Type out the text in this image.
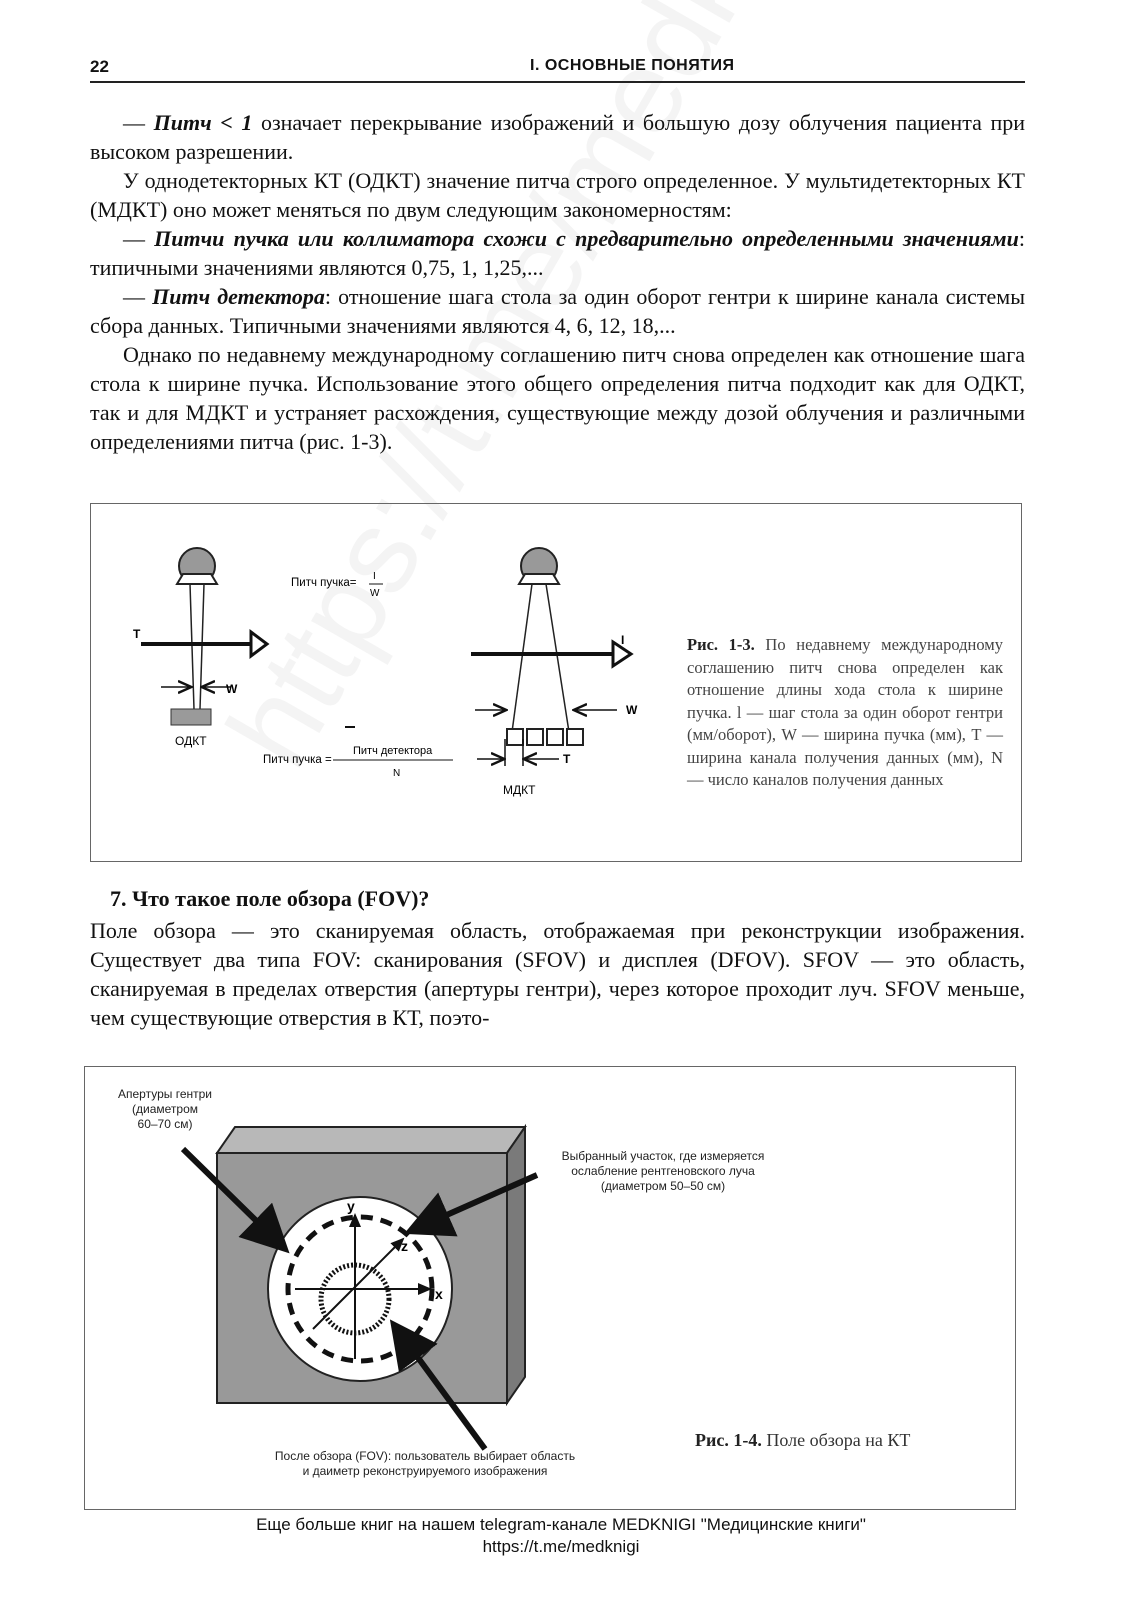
22	I. ОСНОВНЫЕ ПОНЯТИЯ

— Питч < 1 означает перекрывание изображений и большую дозу облучения пациента при высоком разрешении.

У однодетекторных КТ (ОДКТ) значение питча строго определенное. У мультидетекторных КТ (МДКТ) оно может меняться по двум следующим закономерностям:

— Питчи пучка или коллиматора схожи с предварительно определенными значениями: типичными значениями являются 0,75, 1, 1,25,...

— Питч детектора: отношение шага стола за один оборот гентри к ширине канала системы сбора данных. Типичными значениями являются 4, 6, 12, 18,...

Однако по недавнему международному соглашению питч снова определен как отношение шага стола к ширине пучка. Использование этого общего определения питча подходит как для ОДКТ, так и для МДКТ и устраняет расхождения, существующие между дозой облучения и различными определениями питча (рис. 1-3).

T
W
ОДКТ
Питч пучка=
I
W
Питч пучка =
Питч детектора
N
I
W
T
МДКТ
Рис. 1-3. По недавнему международному соглашению питч снова определен как отношение длины хода стола к ширине пучка. l — шаг стола за один оборот гентри (мм/оборот), W — ширина пучка (мм), T — ширина канала получения данных (мм), N — число каналов получения данных
7. Что такое поле обзора (FOV)?

Поле обзора — это сканируемая область, отображаемая при реконструкции изображения. Существует два типа FOV: сканирования (SFOV) и дисплея (DFOV). SFOV — это область, сканируемая в пределах отверстия (апертуры гентри), через которое проходит луч. SFOV меньше, чем существующие отверстия в КТ, поэто-

y
z
x
Апертуры гентри
(диаметром
60–70 см)
Выбранный участок, где измеряется
ослабление рентгеновского луча
(диаметром 50–50 см)
После обзора (FOV): пользователь выбирает область
и даиметр реконструируемого изображения
Рис. 1-4. Поле обзора на КТ
Еще больше книг на нашем telegram-канале MEDKNIGI "Медицинские книги"
https://t.me/medknigi
